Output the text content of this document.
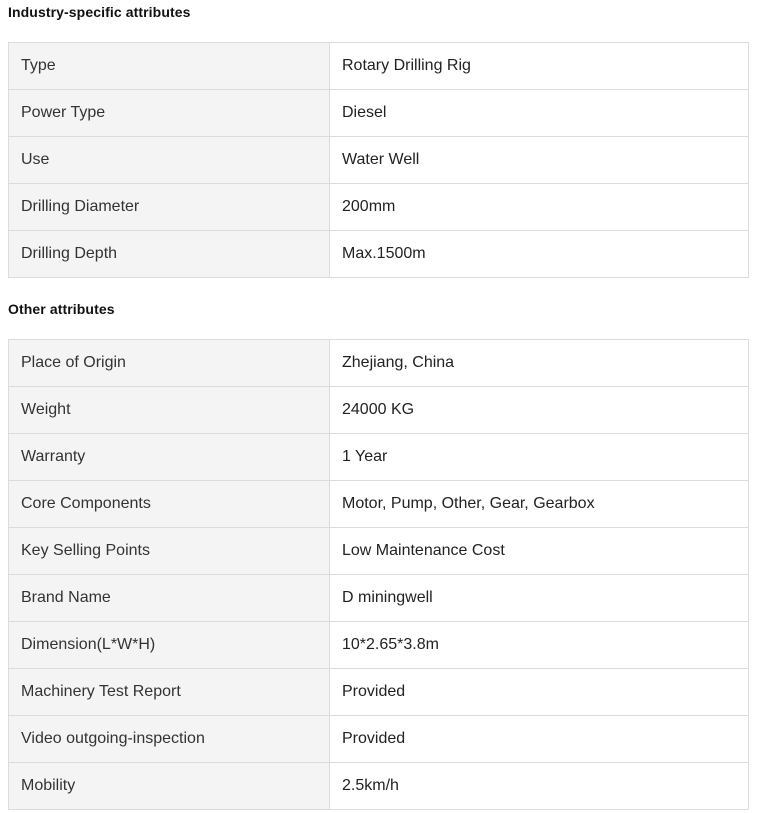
Industry-specific attributes
Type	Rotary Drilling Rig
Power Type	Diesel
Use	Water Well
Drilling Diameter	200mm
Drilling Depth	Max.1500m
Other attributes
Place of Origin	Zhejiang, China
Weight	24000 KG
Warranty	1 Year
Core Components	Motor, Pump, Other, Gear, Gearbox
Key Selling Points	Low Maintenance Cost
Brand Name	D miningwell
Dimension(L*W*H)	10*2.65*3.8m
Machinery Test Report	Provided
Video outgoing-inspection	Provided
Mobility	2.5km/h
